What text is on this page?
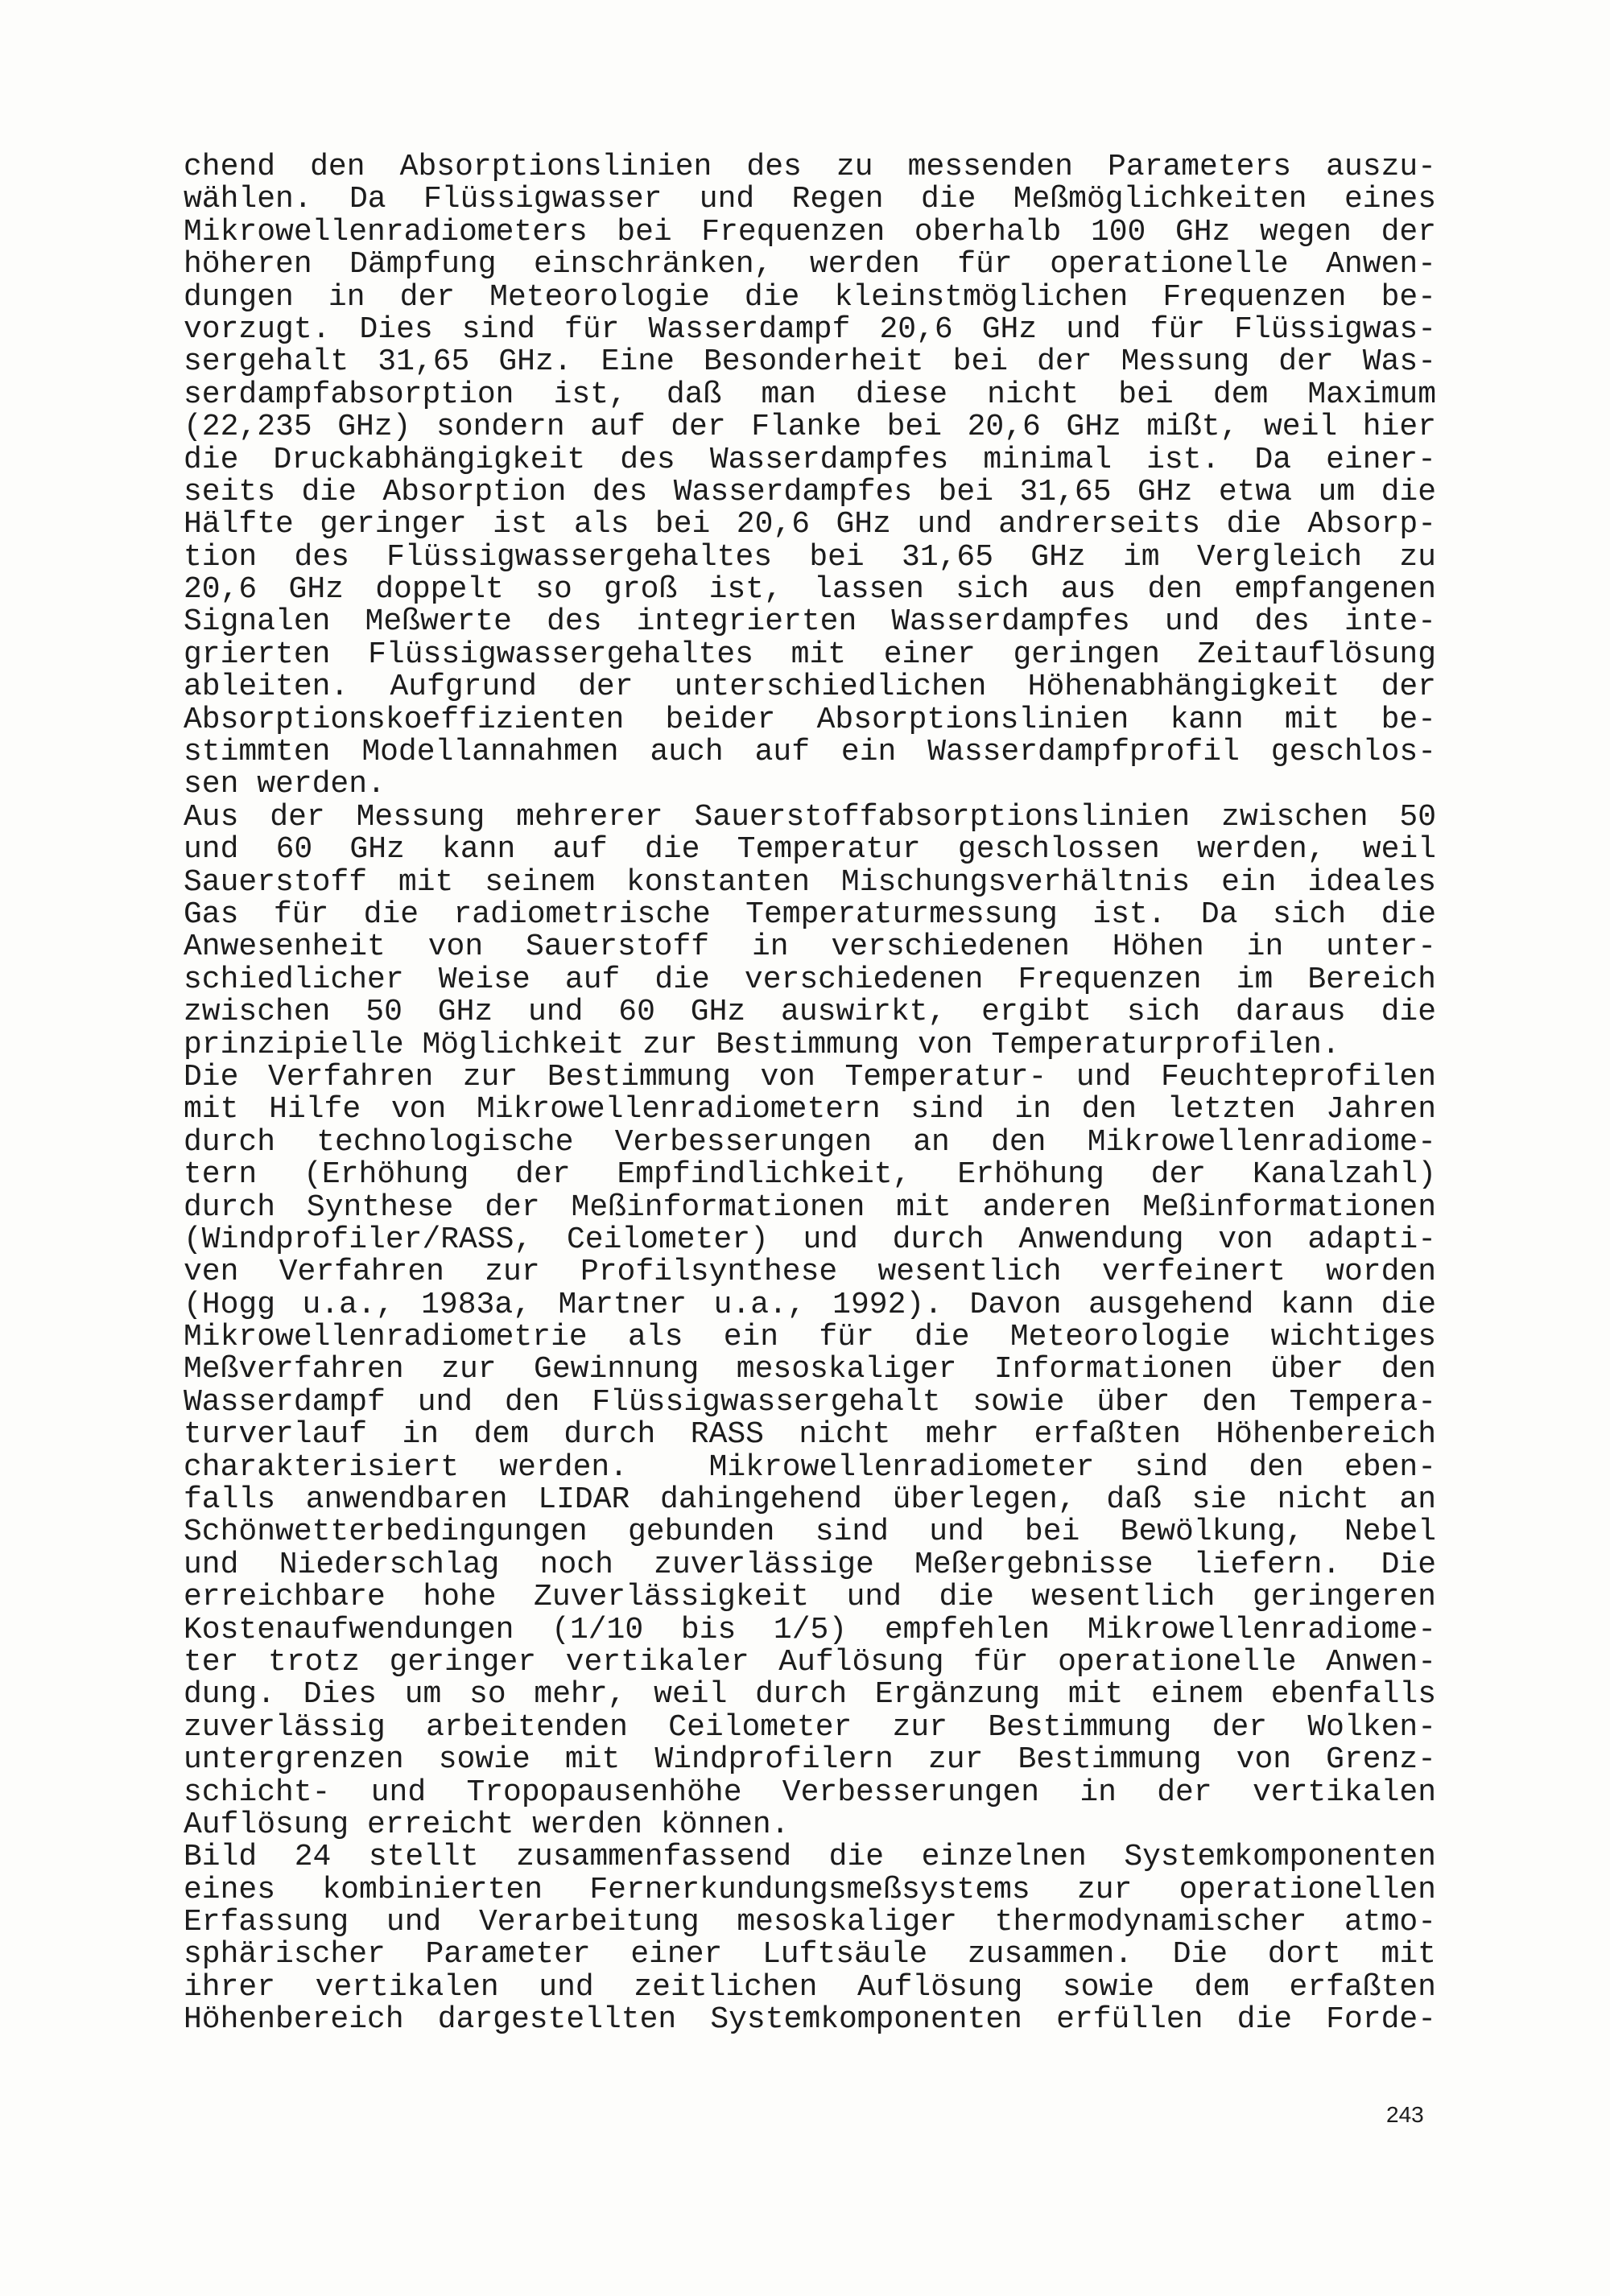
chend den Absorptionslinien des zu messenden Parameters auszu-
wählen. Da Flüssigwasser und Regen die Meßmöglichkeiten eines
Mikrowellenradiometers bei Frequenzen oberhalb 100 GHz wegen der
höheren Dämpfung einschränken, werden für operationelle Anwen-
dungen in der Meteorologie die kleinstmöglichen Frequenzen be-
vorzugt. Dies sind für Wasserdampf 20,6 GHz und für Flüssigwas-
sergehalt 31,65 GHz. Eine Besonderheit bei der Messung der Was-
serdampfabsorption ist, daß man diese nicht bei dem Maximum
(22,235 GHz) sondern auf der Flanke bei 20,6 GHz mißt, weil hier
die Druckabhängigkeit des Wasserdampfes minimal ist. Da einer-
seits die Absorption des Wasserdampfes bei 31,65 GHz etwa um die
Hälfte geringer ist als bei 20,6 GHz und andrerseits die Absorp-
tion des Flüssigwassergehaltes bei 31,65 GHz im Vergleich zu
20,6 GHz doppelt so groß ist, lassen sich aus den empfangenen
Signalen Meßwerte des integrierten Wasserdampfes und des inte-
grierten Flüssigwassergehaltes mit einer geringen Zeitauflösung
ableiten. Aufgrund der unterschiedlichen Höhenabhängigkeit der
Absorptionskoeffizienten beider Absorptionslinien kann mit be-
stimmten Modellannahmen auch auf ein Wasserdampfprofil geschlos-
sen werden.
Aus der Messung mehrerer Sauerstoffabsorptionslinien zwischen 50
und 60 GHz kann auf die Temperatur geschlossen werden, weil
Sauerstoff mit seinem konstanten Mischungsverhältnis ein ideales
Gas für die radiometrische Temperaturmessung ist. Da sich die
Anwesenheit von Sauerstoff in verschiedenen Höhen in unter-
schiedlicher Weise auf die verschiedenen Frequenzen im Bereich
zwischen 50 GHz und 60 GHz auswirkt, ergibt sich daraus die
prinzipielle Möglichkeit zur Bestimmung von Temperaturprofilen.
Die Verfahren zur Bestimmung von Temperatur- und Feuchteprofilen
mit Hilfe von Mikrowellenradiometern sind in den letzten Jahren
durch technologische Verbesserungen an den Mikrowellenradiome-
tern (Erhöhung der Empfindlichkeit, Erhöhung der Kanalzahl)
durch Synthese der Meßinformationen mit anderen Meßinformationen
(Windprofiler/RASS, Ceilometer) und durch Anwendung von adapti-
ven Verfahren zur Profilsynthese wesentlich verfeinert worden
(Hogg u.a., 1983a, Martner u.a., 1992). Davon ausgehend kann die
Mikrowellenradiometrie als ein für die Meteorologie wichtiges
Meßverfahren zur Gewinnung mesoskaliger Informationen über den
Wasserdampf und den Flüssigwassergehalt sowie über den Tempera-
turverlauf in dem durch RASS nicht mehr erfaßten Höhenbereich
charakterisiert werden.  Mikrowellenradiometer sind den eben-
falls anwendbaren LIDAR dahingehend überlegen, daß sie nicht an
Schönwetterbedingungen gebunden sind und bei Bewölkung, Nebel
und Niederschlag noch zuverlässige Meßergebnisse liefern. Die
erreichbare hohe Zuverlässigkeit und die wesentlich geringeren
Kostenaufwendungen (1/10 bis 1/5) empfehlen Mikrowellenradiome-
ter trotz geringer vertikaler Auflösung für operationelle Anwen-
dung. Dies um so mehr, weil durch Ergänzung mit einem ebenfalls
zuverlässig arbeitenden Ceilometer zur Bestimmung der Wolken-
untergrenzen sowie mit Windprofilern zur Bestimmung von Grenz-
schicht- und Tropopausenhöhe Verbesserungen in der vertikalen
Auflösung erreicht werden können.
Bild 24 stellt zusammenfassend die einzelnen Systemkomponenten
eines kombinierten Fernerkundungsmeßsystems zur operationellen
Erfassung und Verarbeitung mesoskaliger thermodynamischer atmo-
sphärischer Parameter einer Luftsäule zusammen. Die dort mit
ihrer vertikalen und zeitlichen Auflösung sowie dem erfaßten
Höhenbereich dargestellten Systemkomponenten erfüllen die Forde-
243
